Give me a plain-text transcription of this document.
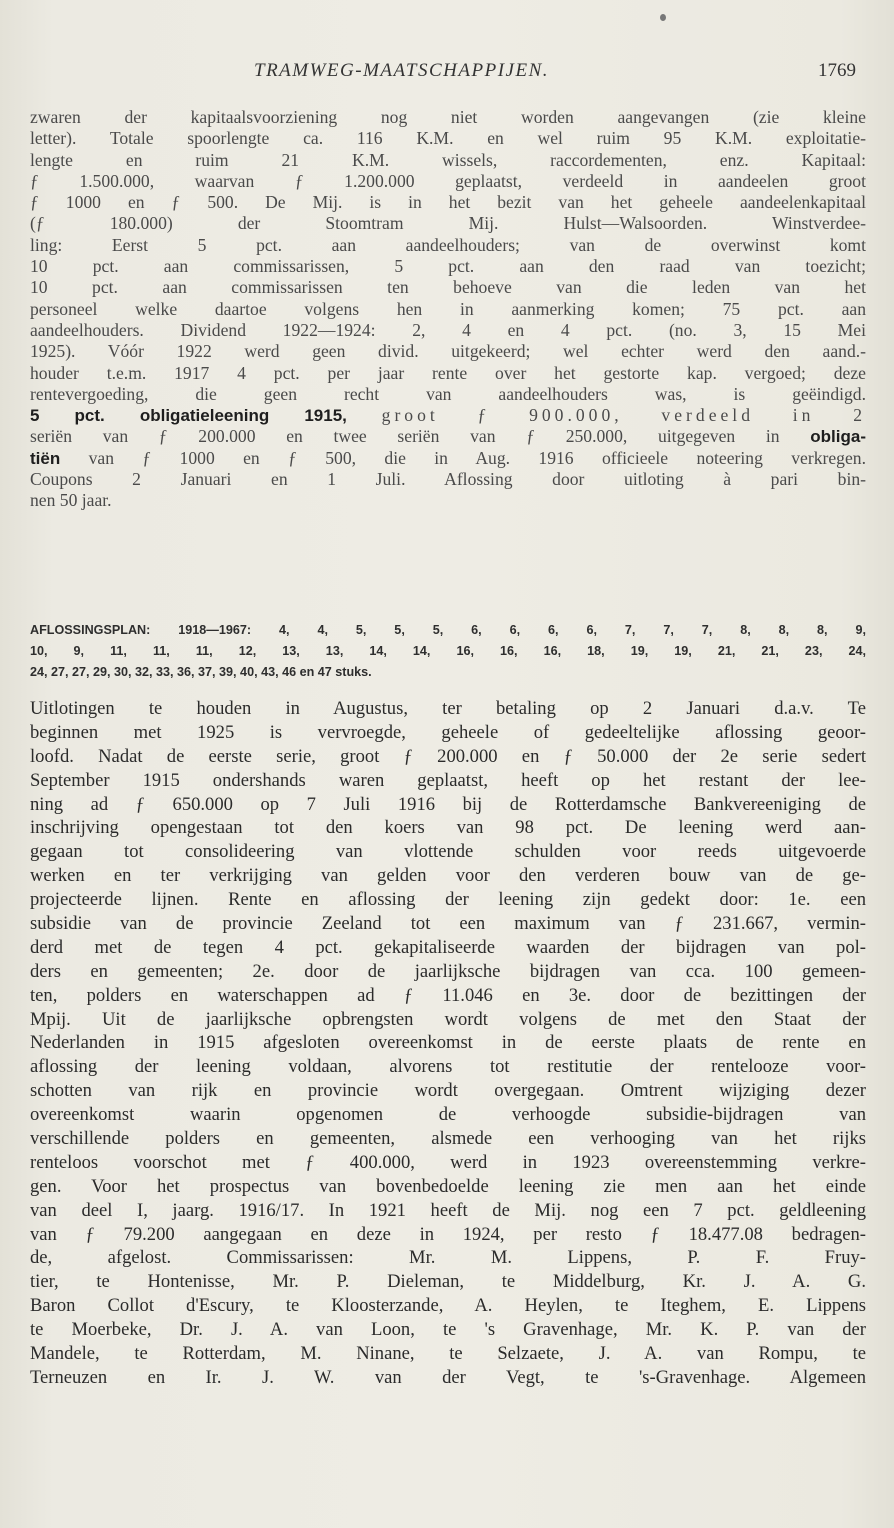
TRAMWEG-MAATSCHAPPIJEN.	1769
zwaren der kapitaalsvoorziening nog niet worden aangevangen (zie kleine
letter). Totale spoorlengte ca. 116 K.M. en wel ruim 95 K.M. exploitatie-
lengte en ruim 21 K.M. wissels, raccordementen, enz. Kapitaal:
ƒ 1.500.000, waarvan ƒ 1.200.000 geplaatst, verdeeld in aandeelen groot
ƒ 1000 en ƒ 500. De Mij. is in het bezit van het geheele aandeelenkapitaal
(ƒ 180.000) der Stoomtram Mij. Hulst—Walsoorden. Winstverdee-
ling: Eerst 5 pct. aan aandeelhouders; van de overwinst komt
10 pct. aan commissarissen, 5 pct. aan den raad van toezicht;
10 pct. aan commissarissen ten behoeve van die leden van het
personeel welke daartoe volgens hen in aanmerking komen; 75 pct. aan
aandeelhouders. Dividend 1922—1924: 2, 4 en 4 pct. (no. 3, 15 Mei
1925). Vóór 1922 werd geen divid. uitgekeerd; wel echter werd den aand.-
houder t.e.m. 1917 4 pct. per jaar rente over het gestorte kap. vergoed; deze
rentevergoeding, die geen recht van aandeelhouders was, is geëindigd.
5 pct. obligatieleening 1915, groot ƒ 900.000, verdeeld in 2
seriën van ƒ 200.000 en twee seriën van ƒ 250.000, uitgegeven in obliga-
tiën van ƒ 1000 en ƒ 500, die in Aug. 1916 officieele noteering verkregen.
Coupons 2 Januari en 1 Juli. Aflossing door uitloting à pari bin-
nen 50 jaar.
AFLOSSINGSPLAN: 1918—1967: 4, 4, 5, 5, 5, 6, 6, 6, 6, 7, 7, 7, 8, 8, 8, 9,
10, 9, 11, 11, 11, 12, 13, 13, 14, 14, 16, 16, 16, 18, 19, 19, 21, 21, 23, 24,
24, 27, 27, 29, 30, 32, 33, 36, 37, 39, 40, 43, 46 en 47 stuks.
Uitlotingen te houden in Augustus, ter betaling op 2 Januari d.a.v. Te
beginnen met 1925 is vervroegde, geheele of gedeeltelijke aflossing geoor-
loofd. Nadat de eerste serie, groot ƒ 200.000 en ƒ 50.000 der 2e serie sedert
September 1915 ondershands waren geplaatst, heeft op het restant der lee-
ning ad ƒ 650.000 op 7 Juli 1916 bij de Rotterdamsche Bankvereeniging de
inschrijving opengestaan tot den koers van 98 pct. De leening werd aan-
gegaan tot consolideering van vlottende schulden voor reeds uitgevoerde
werken en ter verkrijging van gelden voor den verderen bouw van de ge-
projecteerde lijnen. Rente en aflossing der leening zijn gedekt door: 1e. een
subsidie van de provincie Zeeland tot een maximum van ƒ 231.667, vermin-
derd met de tegen 4 pct. gekapitaliseerde waarden der bijdragen van pol-
ders en gemeenten; 2e. door de jaarlijksche bijdragen van cca. 100 gemeen-
ten, polders en waterschappen ad ƒ 11.046 en 3e. door de bezittingen der
Mpij. Uit de jaarlijksche opbrengsten wordt volgens de met den Staat der
Nederlanden in 1915 afgesloten overeenkomst in de eerste plaats de rente en
aflossing der leening voldaan, alvorens tot restitutie der rentelooze voor-
schotten van rijk en provincie wordt overgegaan. Omtrent wijziging dezer
overeenkomst waarin opgenomen de verhoogde subsidie-bijdragen van
verschillende polders en gemeenten, alsmede een verhooging van het rijks
renteloos voorschot met ƒ 400.000, werd in 1923 overeenstemming verkre-
gen. Voor het prospectus van bovenbedoelde leening zie men aan het einde
van deel I, jaarg. 1916/17. In 1921 heeft de Mij. nog een 7 pct. geldleening
van ƒ 79.200 aangegaan en deze in 1924, per resto ƒ 18.477.08 bedragen-
de, afgelost. Commissarissen: Mr. M. Lippens, P. F. Fruy-
tier, te Hontenisse, Mr. P. Dieleman, te Middelburg, Kr. J. A. G.
Baron Collot d'Escury, te Kloosterzande, A. Heylen, te Iteghem, E. Lippens
te Moerbeke, Dr. J. A. van Loon, te 's Gravenhage, Mr. K. P. van der
Mandele, te Rotterdam, M. Ninane, te Selzaete, J. A. van Rompu, te
Terneuzen en Ir. J. W. van der Vegt, te 's-Gravenhage. Algemeen
